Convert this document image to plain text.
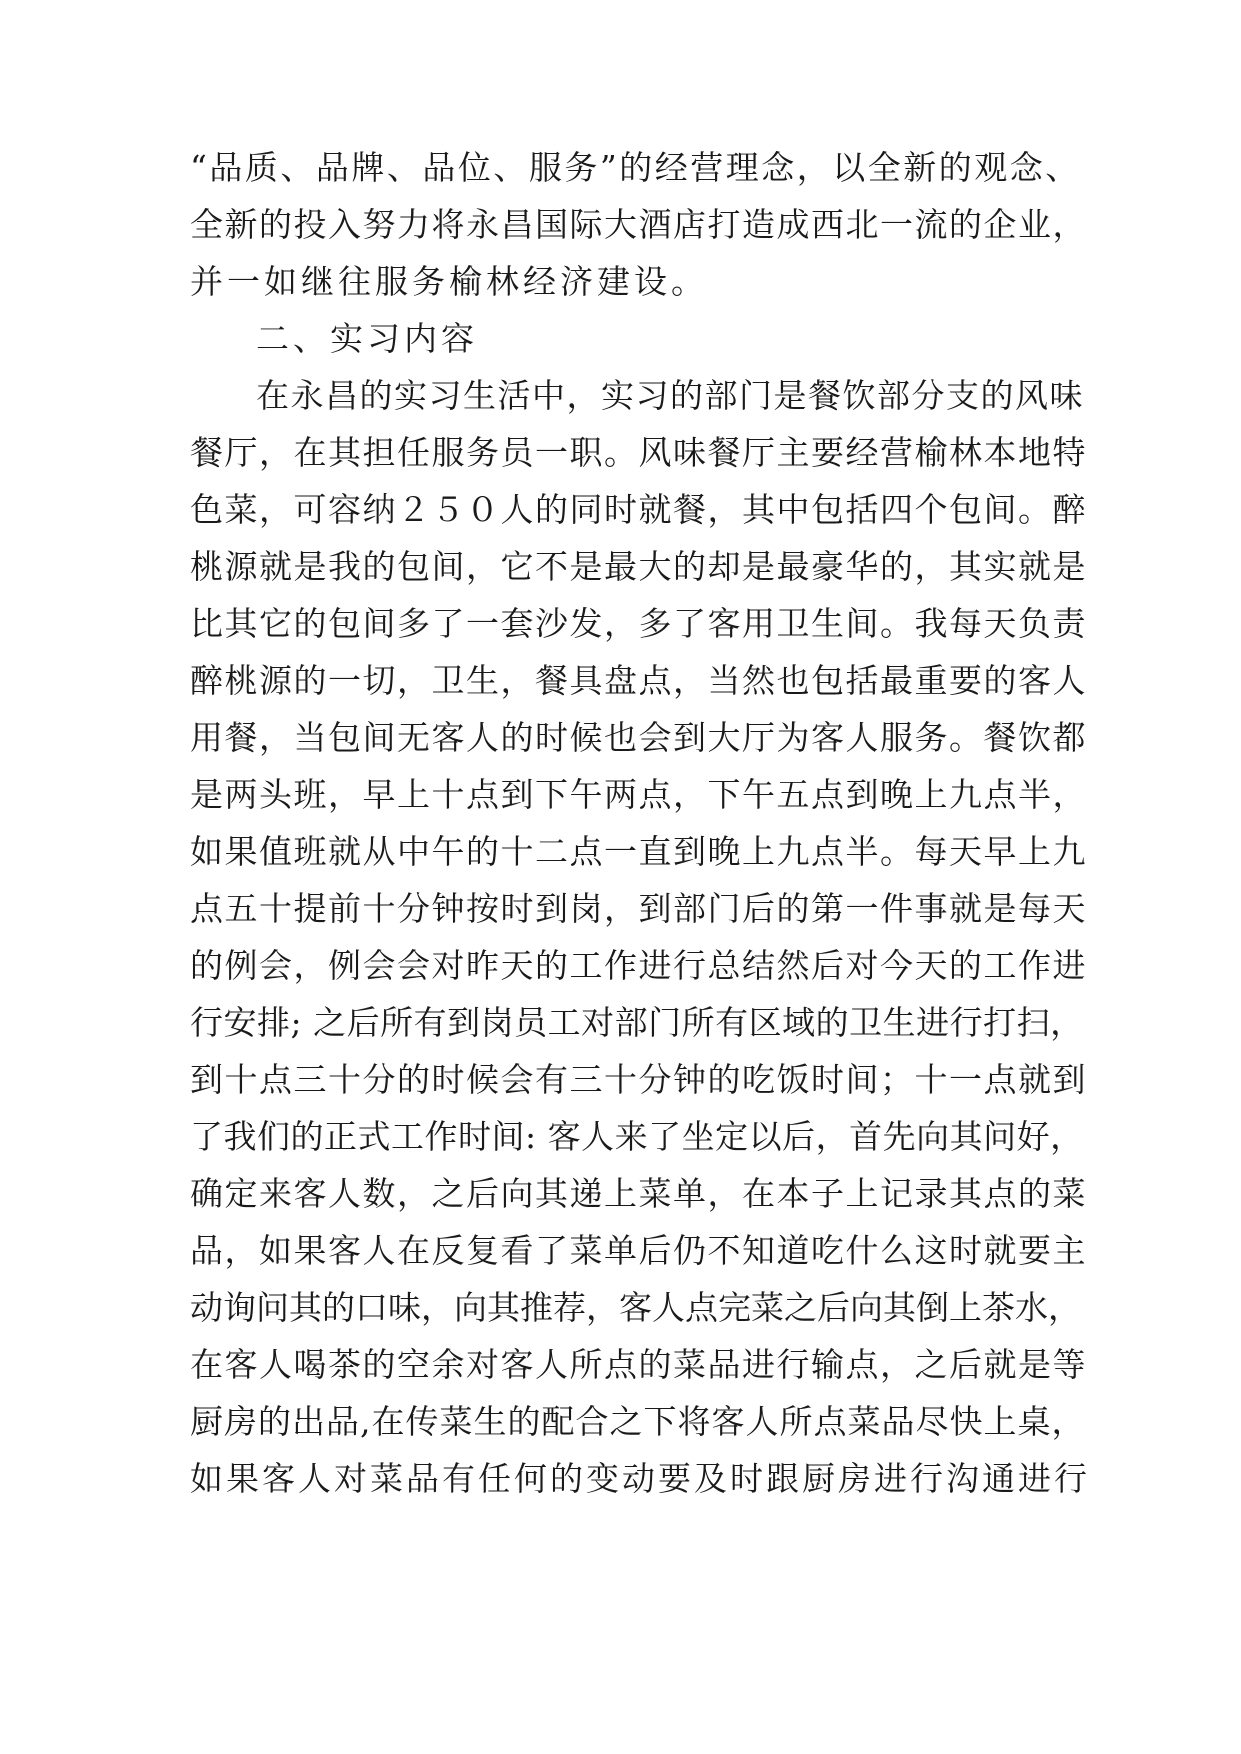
“品质、品牌、品位、服务”的经营理念，以全新的观念、
全新的投入努力将永昌国际大酒店打造成西北一流的企业，
并一如继往服务榆林经济建设。
二、实习内容
在永昌的实习生活中，实习的部门是餐饮部分支的风味
餐厅，在其担任服务员一职。风味餐厅主要经营榆林本地特
色菜，可容纳２５０人的同时就餐，其中包括四个包间。醉
桃源就是我的包间，它不是最大的却是最豪华的，其实就是
比其它的包间多了一套沙发，多了客用卫生间。我每天负责
醉桃源的一切，卫生，餐具盘点，当然也包括最重要的客人
用餐，当包间无客人的时候也会到大厅为客人服务。餐饮都
是两头班，早上十点到下午两点，下午五点到晚上九点半，
如果值班就从中午的十二点一直到晚上九点半。每天早上九
点五十提前十分钟按时到岗，到部门后的第一件事就是每天
的例会，例会会对昨天的工作进行总结然后对今天的工作进
行安排; 之后所有到岗员工对部门所有区域的卫生进行打扫，
到十点三十分的时候会有三十分钟的吃饭时间；十一点就到
了我们的正式工作时间: 客人来了坐定以后，首先向其问好，
确定来客人数，之后向其递上菜单，在本子上记录其点的菜
品，如果客人在反复看了菜单后仍不知道吃什么这时就要主
动询问其的口味，向其推荐，客人点完菜之后向其倒上茶水，
在客人喝茶的空余对客人所点的菜品进行输点，之后就是等
厨房的出品,在传菜生的配合之下将客人所点菜品尽快上桌，
如果客人对菜品有任何的变动要及时跟厨房进行沟通进行
